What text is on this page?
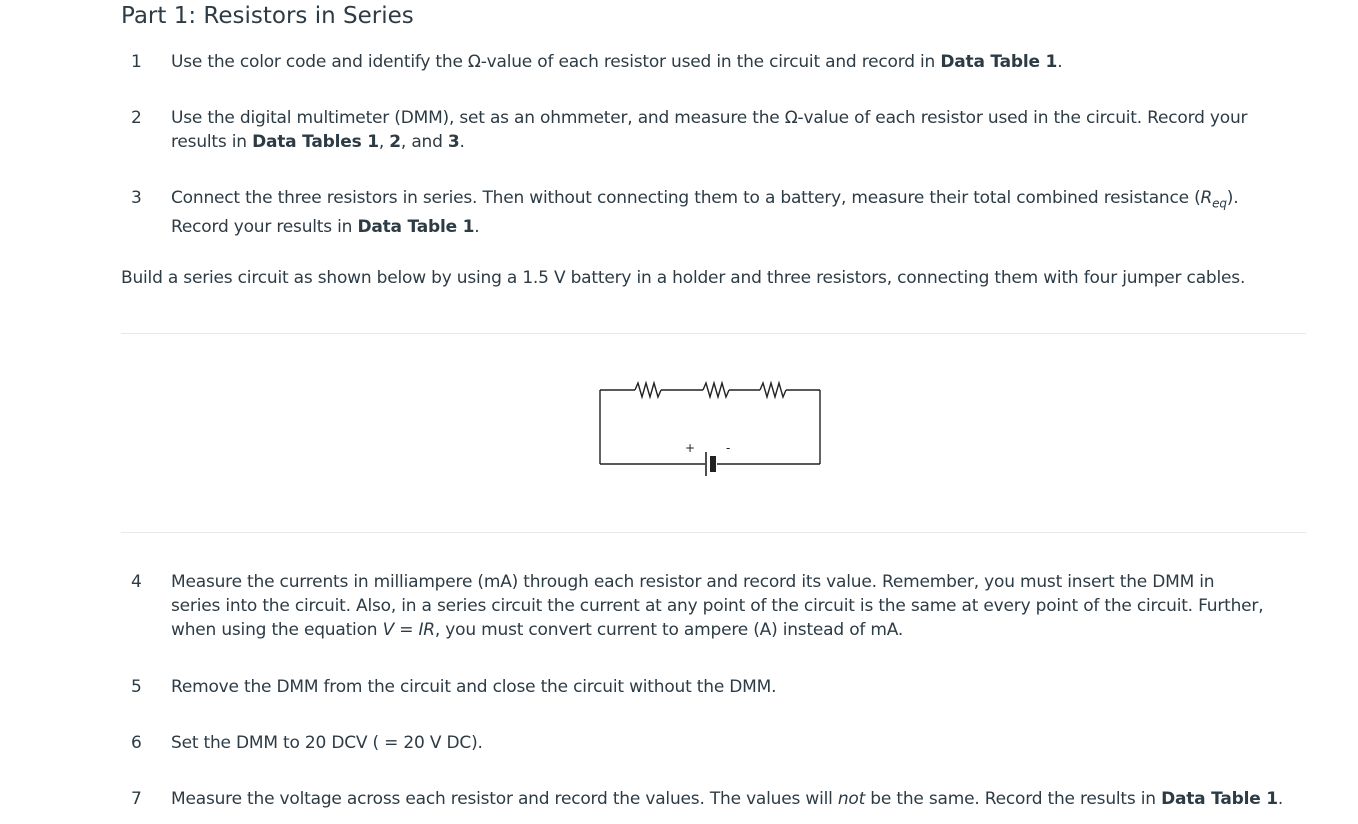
Part 1: Resistors in Series
1 Use the color code and identify the Ω-value of each resistor used in the circuit and record in Data Table 1.
2 Use the digital multimeter (DMM), set as an ohmmeter, and measure the Ω-value of each resistor used in the circuit. Record your
results in Data Tables 1, 2, and 3.
3 Connect the three resistors in series. Then without connecting them to a battery, measure their total combined resistance $(R_{eq})$.
Record your results in Data Table 1.
Build a series circuit as shown below by using a 1.5 V battery in a holder and three resistors, connecting them with four jumper cables.
+	-
4 Measure the currents in milliampere (mA) through each resistor and record its value. Remember, you must insert the DMM in
series into the circuit. Also, in a series circuit the current at any point of the circuit is the same at every point of the circuit. Further,
when using the equation V = IR, you must convert current to ampere (A) instead of mA.
5 Remove the DMM from the circuit and close the circuit without the DMM.
6 Set the DMM to 20 DCV ( = 20 V DC).
7 Measure the voltage across each resistor and record the values. The values will not be the same. Record the results in Data Table 1.
